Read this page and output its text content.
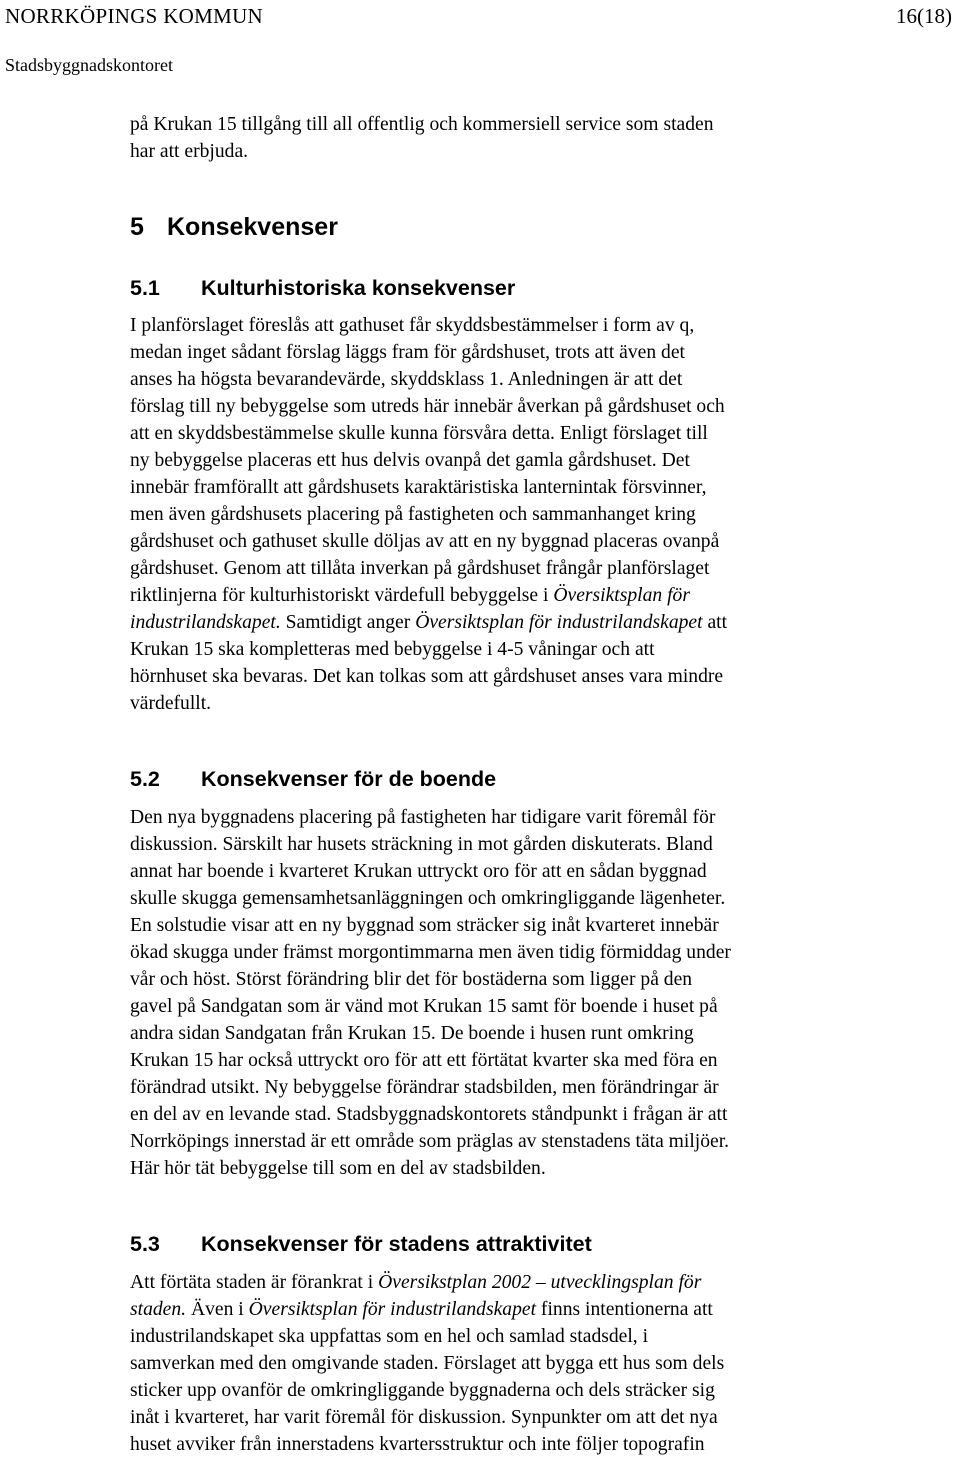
NORRKÖPINGS KOMMUN	16(18)
Stadsbyggnadskontoret

på Krukan 15 tillgång till all offentlig och kommersiell service som staden
har att erbjuda.

5 Konsekvenser
5.1 Kulturhistoriska konsekvenser

I planförslaget föreslås att gathuset får skyddsbestämmelser i form av q,
medan inget sådant förslag läggs fram för gårdshuset, trots att även det
anses ha högsta bevarandevärde, skyddsklass 1. Anledningen är att det
förslag till ny bebyggelse som utreds här innebär åverkan på gårdshuset och
att en skyddsbestämmelse skulle kunna försvåra detta. Enligt förslaget till
ny bebyggelse placeras ett hus delvis ovanpå det gamla gårdshuset. Det
innebär framförallt att gårdshusets karaktäristiska lanternintak försvinner,
men även gårdshusets placering på fastigheten och sammanhanget kring
gårdshuset och gathuset skulle döljas av att en ny byggnad placeras ovanpå
gårdshuset. Genom att tillåta inverkan på gårdshuset frångår planförslaget
riktlinjerna för kulturhistoriskt värdefull bebyggelse i Översiktsplan för
industrilandskapet. Samtidigt anger Översiktsplan för industrilandskapet att
Krukan 15 ska kompletteras med bebyggelse i 4-5 våningar och att
hörnhuset ska bevaras. Det kan tolkas som att gårdshuset anses vara mindre
värdefullt.

5.2 Konsekvenser för de boende

Den nya byggnadens placering på fastigheten har tidigare varit föremål för
diskussion. Särskilt har husets sträckning in mot gården diskuterats. Bland
annat har boende i kvarteret Krukan uttryckt oro för att en sådan byggnad
skulle skugga gemensamhetsanläggningen och omkringliggande lägenheter.
En solstudie visar att en ny byggnad som sträcker sig inåt kvarteret innebär
ökad skugga under främst morgontimmarna men även tidig förmiddag under
vår och höst. Störst förändring blir det för bostäderna som ligger på den
gavel på Sandgatan som är vänd mot Krukan 15 samt för boende i huset på
andra sidan Sandgatan från Krukan 15. De boende i husen runt omkring
Krukan 15 har också uttryckt oro för att ett förtätat kvarter ska med föra en
förändrad utsikt. Ny bebyggelse förändrar stadsbilden, men förändringar är
en del av en levande stad. Stadsbyggnadskontorets ståndpunkt i frågan är att
Norrköpings innerstad är ett område som präglas av stenstadens täta miljöer.
Här hör tät bebyggelse till som en del av stadsbilden.

5.3 Konsekvenser för stadens attraktivitet

Att förtäta staden är förankrat i Översikstplan 2002 – utvecklingsplan för
staden. Även i Översiktsplan för industrilandskapet finns intentionerna att
industrilandskapet ska uppfattas som en hel och samlad stadsdel, i
samverkan med den omgivande staden. Förslaget att bygga ett hus som dels
sticker upp ovanför de omkringliggande byggnaderna och dels sträcker sig
inåt i kvarteret, har varit föremål för diskussion. Synpunkter om att det nya
huset avviker från innerstadens kvartersstruktur och inte följer topografin
